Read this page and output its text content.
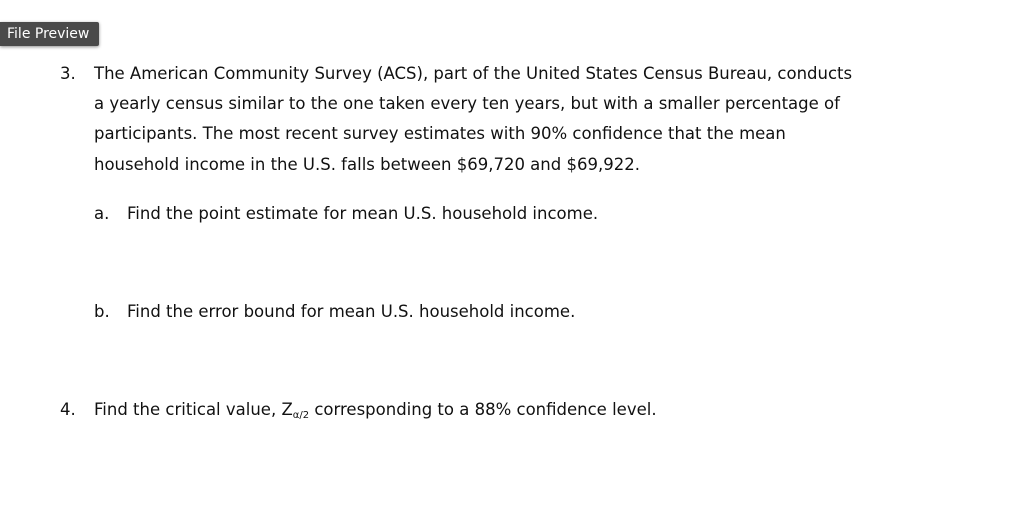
File Preview
3. The American Community Survey (ACS), part of the United States Census Bureau, conducts
a yearly census similar to the one taken every ten years, but with a smaller percentage of
participants. The most recent survey estimates with 90% confidence that the mean
household income in the U.S. falls between $69,720 and $69,922.
a. Find the point estimate for mean U.S. household income.
b. Find the error bound for mean U.S. household income.
4. Find the critical value, $Z_{\alpha/2}$ corresponding to a 88% confidence level.
